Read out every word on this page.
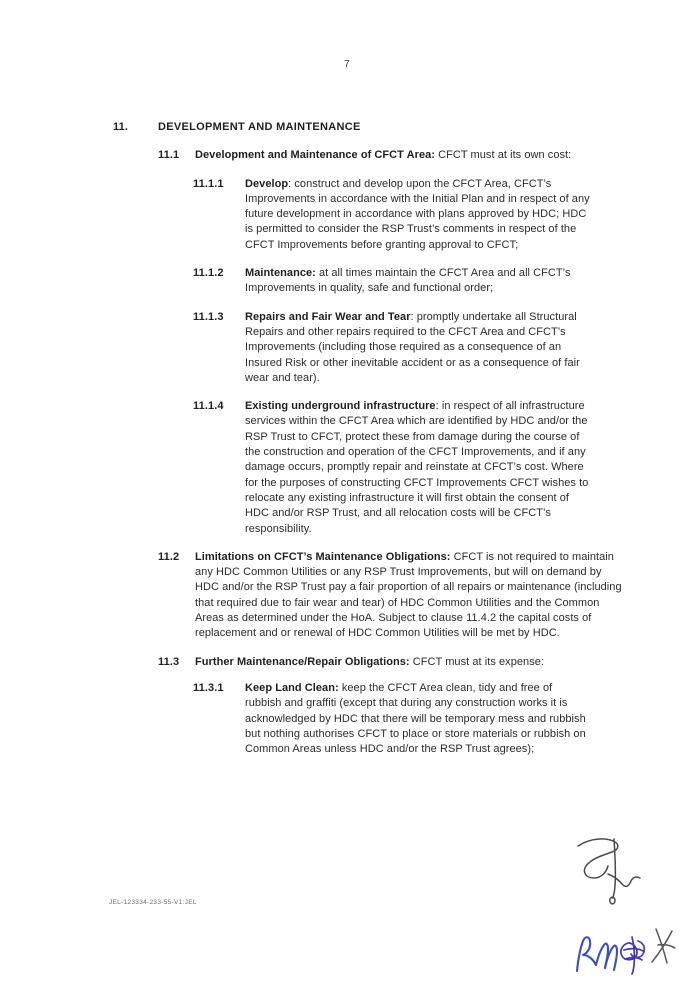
7
11.	DEVELOPMENT AND MAINTENANCE
11.1	Development and Maintenance of CFCT Area: CFCT must at its own cost:
11.1.1	Develop: construct and develop upon the CFCT Area, CFCT’s Improvements in accordance with the Initial Plan and in respect of any future development in accordance with plans approved by HDC; HDC is permitted to consider the RSP Trust’s comments in respect of the CFCT Improvements before granting approval to CFCT;
11.1.2	Maintenance: at all times maintain the CFCT Area and all CFCT’s Improvements in quality, safe and functional order;
11.1.3	Repairs and Fair Wear and Tear: promptly undertake all Structural Repairs and other repairs required to the CFCT Area and CFCT’s Improvements (including those required as a consequence of an Insured Risk or other inevitable accident or as a consequence of fair wear and tear).
11.1.4	Existing underground infrastructure: in respect of all infrastructure services within the CFCT Area which are identified by HDC and/or the RSP Trust to CFCT, protect these from damage during the course of the construction and operation of the CFCT Improvements, and if any damage occurs, promptly repair and reinstate at CFCT’s cost. Where for the purposes of constructing CFCT Improvements CFCT wishes to relocate any existing infrastructure it will first obtain the consent of HDC and/or RSP Trust, and all relocation costs will be CFCT’s responsibility.
11.2	Limitations on CFCT’s Maintenance Obligations: CFCT is not required to maintain any HDC Common Utilities or any RSP Trust Improvements, but will on demand by HDC and/or the RSP Trust pay a fair proportion of all repairs or maintenance (including that required due to fair wear and tear) of HDC Common Utilities and the Common Areas as determined under the HoA. Subject to clause 11.4.2 the capital costs of replacement and or renewal of HDC Common Utilities will be met by HDC.
11.3	Further Maintenance/Repair Obligations: CFCT must at its expense:
11.3.1	Keep Land Clean: keep the CFCT Area clean, tidy and free of rubbish and graffiti (except that during any construction works it is acknowledged by HDC that there will be temporary mess and rubbish but nothing authorises CFCT to place or store materials or rubbish on Common Areas unless HDC and/or the RSP Trust agrees);
JEL-123334-233-55-V1:JEL
